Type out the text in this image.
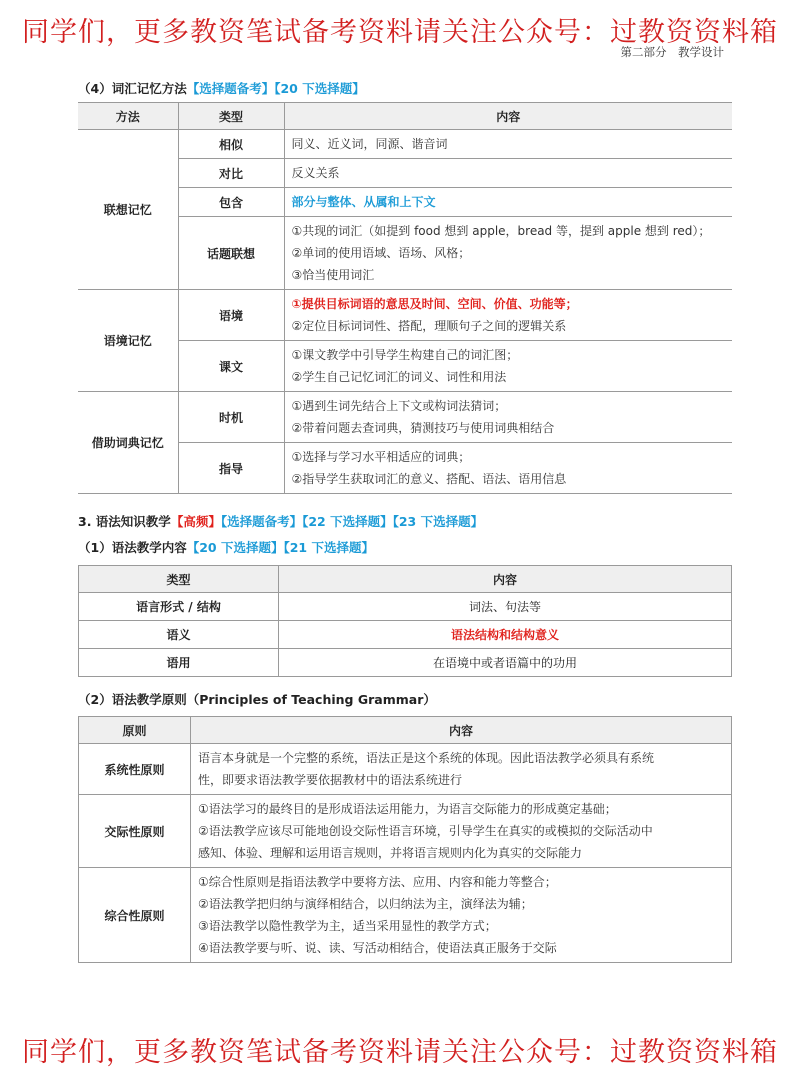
同学们，更多教资笔试备考资料请关注公众号：过教资资料箱
第二部分　教学设计
（4）词汇记忆方法【选择题备考】【20 下选择题】
方法	类型	内容
联想记忆	相似	同义、近义词，同源、谐音词

	对比	反义关系

	包含	部分与整体、从属和上下文

	话题联想	①共现的词汇（如提到 food 想到 apple，bread 等，提到 apple 想到 red）；
②单词的使用语域、语场、风格；
③恰当使用词汇

语境记忆	语境	①提供目标词语的意思及时间、空间、价值、功能等；
②定位目标词词性、搭配，理顺句子之间的逻辑关系

	课文	①课文教学中引导学生构建自己的词汇图；
②学生自己记忆词汇的词义、词性和用法

借助词典记忆	时机	①遇到生词先结合上下文或构词法猜词；
②带着问题去查词典，猜测技巧与使用词典相结合

	指导	①选择与学习水平相适应的词典；
②指导学生获取词汇的意义、搭配、语法、语用信息
3. 语法知识教学【高频】【选择题备考】【22 下选择题】【23 下选择题】
（1）语法教学内容【20 下选择题】【21 下选择题】
类型	内容
语言形式 / 结构	词法、句法等
语义	语法结构和结构意义
语用	在语境中或者语篇中的功用
（2）语法教学原则（Principles of Teaching Grammar）
原则	内容
系统性原则	语言本身就是一个完整的系统，语法正是这个系统的体现。因此语法教学必须具有系统
性，即要求语法教学要依据教材中的语法系统进行

交际性原则	①语法学习的最终目的是形成语法运用能力，为语言交际能力的形成奠定基础；
②语法教学应该尽可能地创设交际性语言环境，引导学生在真实的或模拟的交际活动中
感知、体验、理解和运用语言规则，并将语言规则内化为真实的交际能力

综合性原则	①综合性原则是指语法教学中要将方法、应用、内容和能力等整合；
②语法教学把归纳与演绎相结合，以归纳法为主，演绎法为辅；
③语法教学以隐性教学为主，适当采用显性的教学方式；
④语法教学要与听、说、读、写活动相结合，使语法真正服务于交际
同学们，更多教资笔试备考资料请关注公众号：过教资资料箱
